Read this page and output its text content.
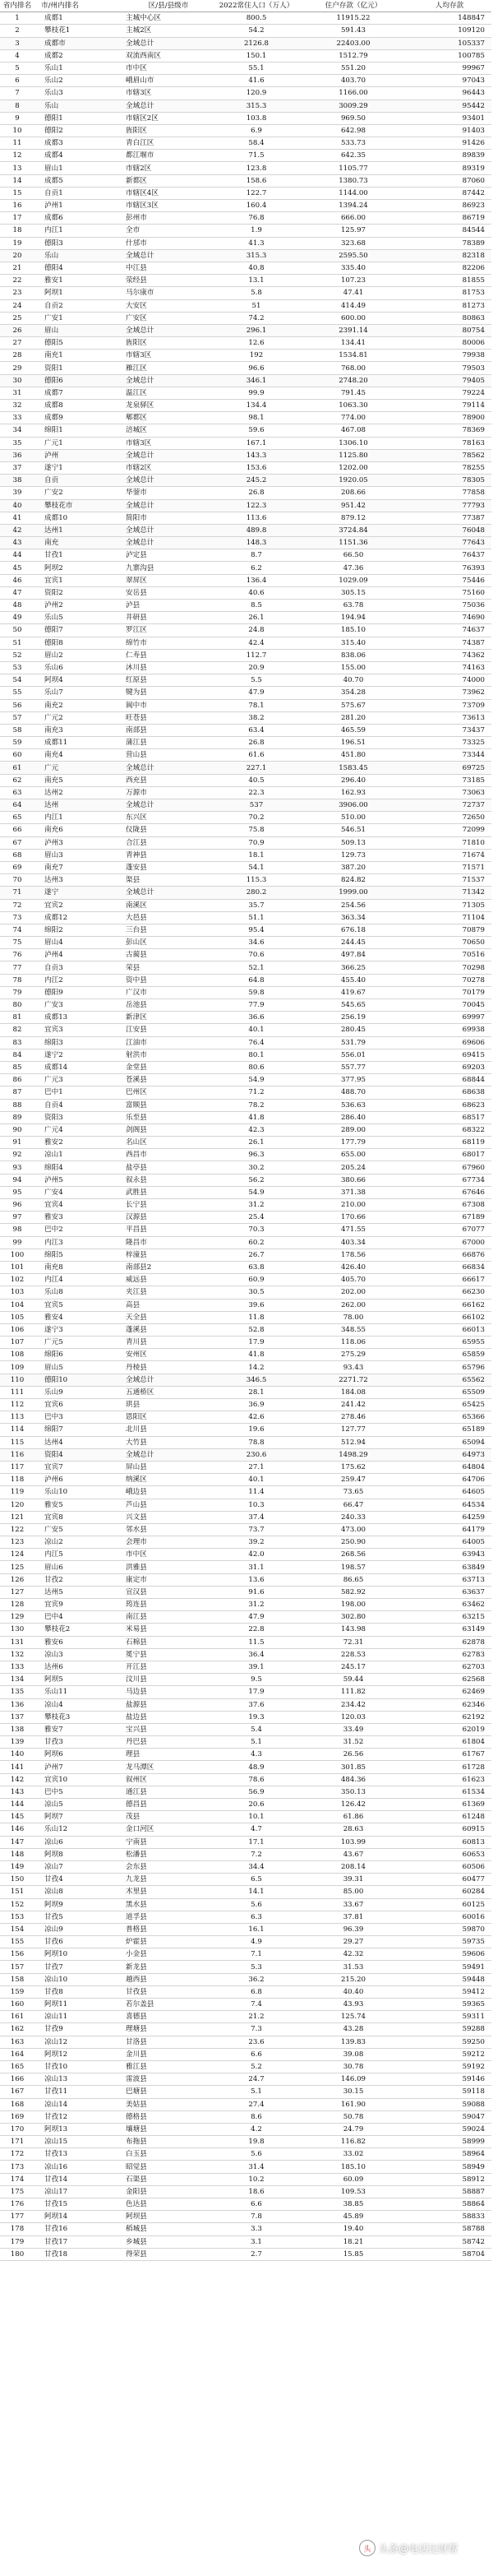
省内排名	市/州内排名		区/县/县级市	2022常住人口（万人）	住户存款（亿元）	人均存款
1	成都1		主城中心区	800.5	11915.22	148847
2	攀枝花1		主城2区	54.2	591.43	109120
3	成都市		全域总计	2126.8	22403.00	105337
4	成都2		双流西南区	150.1	1512.79	100785
5	乐山1		市中区	55.1	551.20	99967
6	乐山2		峨眉山市	41.6	403.70	97043
7	乐山3		市辖3区	120.9	1166.00	96443
8	乐山		全域总计	315.3	3009.29	95442
9	德阳1		市辖区2区	103.8	969.50	93401
10	德阳2		旌阳区	6.9	642.98	91403
11	成都3		青白江区	58.4	533.73	91426
12	成都4		都江堰市	71.5	642.35	89839
13	眉山1		市辖2区	123.8	1105.77	89319
14	成都5		新都区	158.6	1380.73	87060
15	自贡1		市辖区4区	122.7	1144.00	87442
16	泸州1		市辖区3区	160.4	1394.24	86923
17	成都6		彭州市	76.8	666.00	86719
18	内江1		全市	1.9	125.97	84544
19	德阳3		什邡市	41.3	323.68	78389
20	乐山		全域总计	315.3	2595.50	82318
21	德阳4		中江县	40.8	335.40	82206
22	雅安1		荥经县	13.1	107.23	81855
23	阿坝1		马尔康市	5.8	47.41	81753
24	自贡2		大安区	51	414.49	81273
25	广安1		广安区	74.2	600.00	80863
26	眉山		全域总计	296.1	2391.14	80754
27	德阳5		旌阳区	12.6	134.41	80006
28	南充1		市辖3区	192	1534.81	79938
29	资阳1		雁江区	96.6	768.00	79503
30	德阳6		全域总计	346.1	2748.20	79405
31	成都7		温江区	99.9	791.45	79224
32	成都8		龙泉驿区	134.4	1063.30	79114
33	成都9		郫都区	98.1	774.00	78900
34	绵阳1		涪城区	59.6	467.08	78369
35	广元1		市辖3区	167.1	1306.10	78163
36	泸州		全域总计	143.3	1125.80	78562
37	遂宁1		市辖2区	153.6	1202.00	78255
38	自贡		全域总计	245.2	1920.05	78305
39	广安2		华蓥市	26.8	208.66	77858
40	攀枝花市		全域总计	122.3	951.42	77793
41	成都10		简阳市	113.6	879.12	77387
42	达州1		全域总计	489.8	3724.84	76048
43	南充		全域总计	148.3	1151.36	77643
44	甘孜1		泸定县	8.7	66.50	76437
45	阿坝2		九寨沟县	6.2	47.36	76393
46	宜宾1		翠屏区	136.4	1029.09	75446
47	资阳2		安岳县	40.6	305.15	75160
48	泸州2		泸县	8.5	63.78	75036
49	乐山5		井研县	26.1	194.94	74690
50	德阳7		罗江区	24.8	185.10	74637
51	德阳8		绵竹市	42.4	315.40	74387
52	眉山2		仁寿县	112.7	838.06	74362
53	乐山6		沐川县	20.9	155.00	74163
54	阿坝4		红原县	5.5	40.70	74000
55	乐山7		犍为县	47.9	354.28	73962
56	南充2		阆中市	78.1	575.67	73709
57	广元2		旺苍县	38.2	281.20	73613
58	南充3		南部县	63.4	465.59	73437
59	成都11		蒲江县	26.8	196.51	73325
60	南充4		营山县	61.6	451.80	73344
61	广元		全域总计	227.1	1583.45	69725
62	南充5		西充县	40.5	296.40	73185
63	达州2		万源市	22.3	162.93	73063
64	达州		全域总计	537	3906.00	72737
65	内江1		东兴区	70.2	510.00	72650
66	南充6		仪陇县	75.8	546.51	72099
67	泸州3		合江县	70.9	509.13	71810
68	眉山3		青神县	18.1	129.73	71674
69	南充7		蓬安县	54.1	387.20	71571
70	达州3		渠县	115.3	824.82	71537
71	遂宁		全域总计	280.2	1999.00	71342
72	宜宾2		南溪区	35.7	254.56	71305
73	成都12		大邑县	51.1	363.34	71104
74	绵阳2		三台县	95.4	676.18	70879
75	眉山4		彭山区	34.6	244.45	70650
76	泸州4		古蔺县	70.6	497.84	70516
77	自贡3		荣县	52.1	366.25	70298
78	内江2		资中县	64.8	455.40	70278
79	德阳9		广汉市	59.8	419.67	70179
80	广安3		岳池县	77.9	545.65	70045
81	成都13		新津区	36.6	256.19	69997
82	宜宾3		江安县	40.1	280.45	69938
83	绵阳3		江油市	76.4	531.79	69606
84	遂宁2		射洪市	80.1	556.01	69415
85	成都14		金堂县	80.6	557.77	69203
86	广元3		苍溪县	54.9	377.95	68844
87	巴中1		巴州区	71.2	488.70	68638
88	自贡4		富顺县	78.2	536.63	68623
89	资阳3		乐至县	41.8	286.40	68517
90	广元4		剑阁县	42.3	289.00	68322
91	雅安2		名山区	26.1	177.79	68119
92	凉山1		西昌市	96.3	655.00	68017
93	绵阳4		盐亭县	30.2	205.24	67960
94	泸州5		叙永县	56.2	380.66	67734
95	广安4		武胜县	54.9	371.38	67646
96	宜宾4		长宁县	31.2	210.00	67308
97	雅安3		汉源县	25.4	170.66	67189
98	巴中2		平昌县	70.3	471.55	67077
99	内江3		隆昌市	60.2	403.34	67000
100	绵阳5		梓潼县	26.7	178.56	66876
101	南充8		南部县2	63.8	426.40	66834
102	内江4		威远县	60.9	405.70	66617
103	乐山8		夹江县	30.5	202.00	66230
104	宜宾5		高县	39.6	262.00	66162
105	雅安4		天全县	11.8	78.00	66102
106	遂宁3		蓬溪县	52.8	348.55	66013
107	广元5		青川县	17.9	118.06	65955
108	绵阳6		安州区	41.8	275.29	65859
109	眉山5		丹棱县	14.2	93.43	65796
110	德阳10		全域总计	346.5	2271.72	65562
111	乐山9		五通桥区	28.1	184.08	65509
112	宜宾6		珙县	36.9	241.42	65425
113	巴中3		恩阳区	42.6	278.46	65366
114	绵阳7		北川县	19.6	127.77	65189
115	达州4		大竹县	78.8	512.94	65094
116	资阳4		全域总计	230.6	1498.29	64973
117	宜宾7		屏山县	27.1	175.62	64804
118	泸州6		纳溪区	40.1	259.47	64706
119	乐山10		峨边县	11.4	73.65	64605
120	雅安5		芦山县	10.3	66.47	64534
121	宜宾8		兴文县	37.4	240.33	64259
122	广安5		邻水县	73.7	473.00	64179
123	凉山2		会理市	39.2	250.90	64005
124	内江5		市中区	42.0	268.56	63943
125	眉山6		洪雅县	31.1	198.57	63849
126	甘孜2		康定市	13.6	86.65	63713
127	达州5		宣汉县	91.6	582.92	63637
128	宜宾9		筠连县	31.2	198.00	63462
129	巴中4		南江县	47.9	302.80	63215
130	攀枝花2		米易县	22.8	143.98	63149
131	雅安6		石棉县	11.5	72.31	62878
132	凉山3		冕宁县	36.4	228.53	62783
133	达州6		开江县	39.1	245.17	62703
134	阿坝5		汶川县	9.5	59.44	62568
135	乐山11		马边县	17.9	111.82	62469
136	凉山4		盐源县	37.6	234.42	62346
137	攀枝花3		盐边县	19.3	120.03	62192
138	雅安7		宝兴县	5.4	33.49	62019
139	甘孜3		丹巴县	5.1	31.52	61804
140	阿坝6		理县	4.3	26.56	61767
141	泸州7		龙马潭区	48.9	301.85	61728
142	宜宾10		叙州区	78.6	484.36	61623
143	巴中5		通江县	56.9	350.13	61534
144	凉山5		德昌县	20.6	126.42	61369
145	阿坝7		茂县	10.1	61.86	61248
146	乐山12		金口河区	4.7	28.63	60915
147	凉山6		宁南县	17.1	103.99	60813
148	阿坝8		松潘县	7.2	43.67	60653
149	凉山7		会东县	34.4	208.14	60506
150	甘孜4		九龙县	6.5	39.31	60477
151	凉山8		木里县	14.1	85.00	60284
152	阿坝9		黑水县	5.6	33.67	60125
153	甘孜5		道孚县	6.3	37.81	60016
154	凉山9		普格县	16.1	96.39	59870
155	甘孜6		炉霍县	4.9	29.27	59735
156	阿坝10		小金县	7.1	42.32	59606
157	甘孜7		新龙县	5.3	31.53	59491
158	凉山10		越西县	36.2	215.20	59448
159	甘孜8		甘孜县	6.8	40.40	59412
160	阿坝11		若尔盖县	7.4	43.93	59365
161	凉山11		喜德县	21.2	125.74	59311
162	甘孜9		理塘县	7.3	43.28	59288
163	凉山12		甘洛县	23.6	139.83	59250
164	阿坝12		金川县	6.6	39.08	59212
165	甘孜10		雅江县	5.2	30.78	59192
166	凉山13		雷波县	24.7	146.09	59146
167	甘孜11		巴塘县	5.1	30.15	59118
168	凉山14		美姑县	27.4	161.90	59088
169	甘孜12		德格县	8.6	50.78	59047
170	阿坝13		壤塘县	4.2	24.79	59024
171	凉山15		布拖县	19.8	116.82	58999
172	甘孜13		白玉县	5.6	33.02	58964
173	凉山16		昭觉县	31.4	185.10	58949
174	甘孜14		石渠县	10.2	60.09	58912
175	凉山17		金阳县	18.6	109.53	58887
176	甘孜15		色达县	6.6	38.85	58864
177	阿坝14		阿坝县	7.8	45.89	58833
178	甘孜16		稻城县	3.3	19.40	58788
179	甘孜17		乡城县	3.1	18.21	58742
180	甘孜18		得荣县	2.7	15.85	58704
头 头条@电话比财帮
